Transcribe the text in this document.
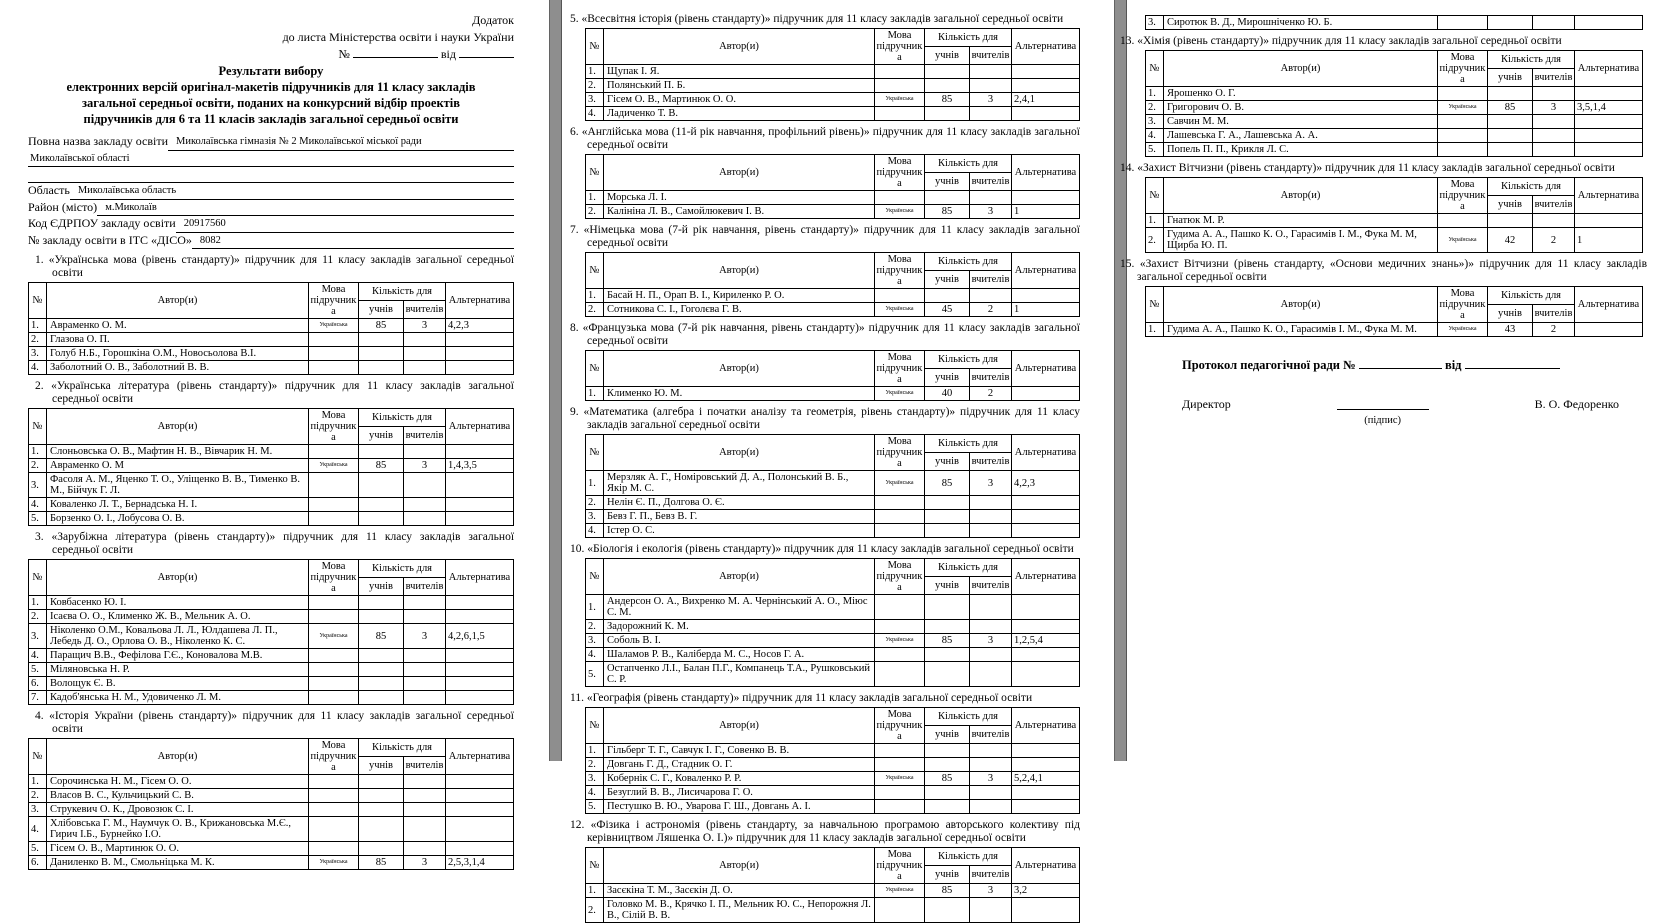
Додаток
до листа Міністерства освіти і науки України
№	від
Результати вибору
електронних версій оригінал-макетів підручників для 11 класу закладів
загальної середньої освіти, поданих на конкурсний відбір проектів
підручників для 6 та 11 класів закладів загальної середньої освіти
Повна назва закладу освіти Миколаївська гімназія № 2 Миколаївської міської ради
Миколаївської області
Область Миколаївська область
Район (місто) м.Миколаїв
Код ЄДРПОУ закладу освіти 20917560
№ закладу освіти в ІТС «ДІСО» 8082
1. «Українська мова (рівень стандарту)» підручник для 11 класу закладів загальної середньої освіти
№	Автор(и)	Мова
підручника	Кількість для		Альтернатива
			учнів	вчителів	
1.	Авраменко О. М.	Українська	85	3	4,2,3
2.	Глазова О. П.				
3.	Голуб Н.Б., Горошкіна О.М., Новосьолова В.І.				
4.	Заболотний О. В., Заболотний В. В.				
2. «Українська література (рівень стандарту)» підручник для 11 класу закладів загальної середньої освіти
№	Автор(и)	Мова
підручника	Кількість для		Альтернатива
			учнів	вчителів	
1.	Слоньовська О. В., Мафтин Н. В., Вівчарик Н. М.				
2.	Авраменко О. М	Українська	85	3	1,4,3,5
3.	Фасоля А. М., Яценко Т. О., Уліщенко В. В., Тименко В. М., Бійчук Г. Л.				
4.	Коваленко Л. Т., Бернадська Н. І.				
5.	Борзенко О. І., Лобусова О. В.				
3. «Зарубіжна література (рівень стандарту)» підручник для 11 класу закладів загальної середньої освіти
№	Автор(и)	Мова
підручника	Кількість для		Альтернатива
			учнів	вчителів	
1.	Ковбасенко Ю. І.				
2.	Ісаєва О. О., Клименко Ж. В., Мельник А. О.				
3.	Ніколенко О.М., Ковальова Л. Л., Юлдашева Л. П., Лебедь Д. О., Орлова О. В., Ніколенко К. С.	Українська	85	3	4,2,6,1,5
4.	Паращич В.В., Фефілова Г.Є., Коновалова М.В.				
5.	Міляновська Н. Р.				
6.	Волощук Є. В.				
7.	Кадоб'янська Н. М., Удовиченко Л. М.				
4. «Історія України (рівень стандарту)» підручник для 11 класу закладів загальної середньої освіти
№	Автор(и)	Мова
підручника	Кількість для		Альтернатива
			учнів	вчителів	
1.	Сорочинська Н. М., Гісем О. О.				
2.	Власов В. С., Кульчицький С. В.				
3.	Струкевич О. К., Дровозюк С. І.				
4.	Хлібовська Г. М., Наумчук О. В., Крижановська М.Є., Гирич І.Б., Бурнейко І.О.				
5.	Гісем О. В., Мартинюк О. О.				
6.	Даниленко В. М., Смольніцька М. К.	Українська	85	3	2,5,3,1,4
5. «Всесвітня історія (рівень стандарту)» підручник для 11 класу закладів загальної середньої освіти
№	Автор(и)	Мова
підручника	Кількість для		Альтернатива
			учнів	вчителів	
1.	Щупак І. Я.				
2.	Полянський П. Б.				
3.	Гісем О. В., Мартинюк О. О.	Українська	85	3	2,4,1
4.	Ладиченко Т. В.				
6. «Англійська мова (11-й рік навчання, профільний рівень)» підручник для 11 класу закладів загальної середньої освіти
№	Автор(и)	Мова
підручника	Кількість для		Альтернатива
			учнів	вчителів	
1.	Морська Л. І.				
2.	Калініна Л. В., Самойлюкевич І. В.	Українська	85	3	1
7. «Німецька мова (7-й рік навчання, рівень стандарту)» підручник для 11 класу закладів загальної середньої освіти
№	Автор(и)	Мова
підручника	Кількість для		Альтернатива
			учнів	вчителів	
1.	Басай Н. П., Орап В. І., Кириленко Р. О.				
2.	Сотникова С. І., Гоголєва Г. В.	Українська	45	2	1
8. «Французька мова (7-й рік навчання, рівень стандарту)» підручник для 11 класу закладів загальної середньої освіти
№	Автор(и)	Мова
підручника	Кількість для		Альтернатива
			учнів	вчителів	
1.	Клименко Ю. М.	Українська	40	2	
9. «Математика (алгебра і початки аналізу та геометрія, рівень стандарту)» підручник для 11 класу закладів загальної середньої освіти
№	Автор(и)	Мова
підручника	Кількість для		Альтернатива
			учнів	вчителів	
1.	Мерзляк А. Г., Номіровський Д. А., Полонський В. Б., Якір М. С.	Українська	85	3	4,2,3
2.	Нелін Є. П., Долгова О. Є.				
3.	Бевз Г. П., Бевз В. Г.				
4.	Істер О. С.				
10. «Біологія і екологія (рівень стандарту)» підручник для 11 класу закладів загальної середньої освіти
№	Автор(и)	Мова
підручника	Кількість для		Альтернатива
			учнів	вчителів	
1.	Андерсон О. А., Вихренко М. А. Чернінський А. О., Міюс С. М.				
2.	Задорожний К. М.				
3.	Соболь В. І.	Українська	85	3	1,2,5,4
4.	Шаламов Р. В., Каліберда М. С., Носов Г. А.				
5.	Остапченко Л.І., Балан П.Г., Компанець Т.А., Рушковський С. Р.				
11. «Географія (рівень стандарту)» підручник для 11 класу закладів загальної середньої освіти
№	Автор(и)	Мова
підручника	Кількість для		Альтернатива
			учнів	вчителів	
1.	Гільберг Т. Г., Савчук І. Г., Совенко В. В.				
2.	Довгань Г. Д., Стадник О. Г.				
3.	Кобернік С. Г., Коваленко Р. Р.	Українська	85	3	5,2,4,1
4.	Безуглий В. В., Лисичарова Г. О.				
5.	Пестушко В. Ю., Уварова Г. Ш., Довгань А. І.				
12. «Фізика і астрономія (рівень стандарту, за навчальною програмою авторського колективу під керівництвом Ляшенка О. І.)» підручник для 11 класу закладів загальної середньої освіти
№	Автор(и)	Мова
підручника	Кількість для		Альтернатива
			учнів	вчителів	
1.	Засєкіна Т. М., Засєкін Д. О.	Українська	85	3	3,2
2.	Головко М. В., Крячко І. П., Мельник Ю. С., Непорожня Л. В., Сілій В. В.				
3.	Сиротюк В. Д., Мирошніченко Ю. Б.				
13. «Хімія (рівень стандарту)» підручник для 11 класу закладів загальної середньої освіти
№	Автор(и)	Мова
підручника	Кількість для		Альтернатива
			учнів	вчителів	
1.	Ярошенко О. Г.				
2.	Григорович О. В.	Українська	85	3	3,5,1,4
3.	Савчин М. М.				
4.	Лашевська Г. А., Лашевська А. А.				
5.	Попель П. П., Крикля Л. С.				
14. «Захист Вітчизни (рівень стандарту)» підручник для 11 класу закладів загальної середньої освіти
№	Автор(и)	Мова
підручника	Кількість для		Альтернатива
			учнів	вчителів	
1.	Гнатюк М. Р.				
2.	Гудима А. А., Пашко К. О., Гарасимів І. М., Фука М. М, Щирба Ю. П.	Українська	42	2	1
15. «Захист Вітчизни (рівень стандарту, «Основи медичних знань»)» підручник для 11 класу закладів загальної середньої освіти
№	Автор(и)	Мова
підручника	Кількість для		Альтернатива
			учнів	вчителів	
1.	Гудима А. А., Пашко К. О., Гарасимів І. М., Фука М. М.	Українська	43	2	
Протокол педагогічної ради №	від
Директор
(підпис)
В. О. Федоренко
